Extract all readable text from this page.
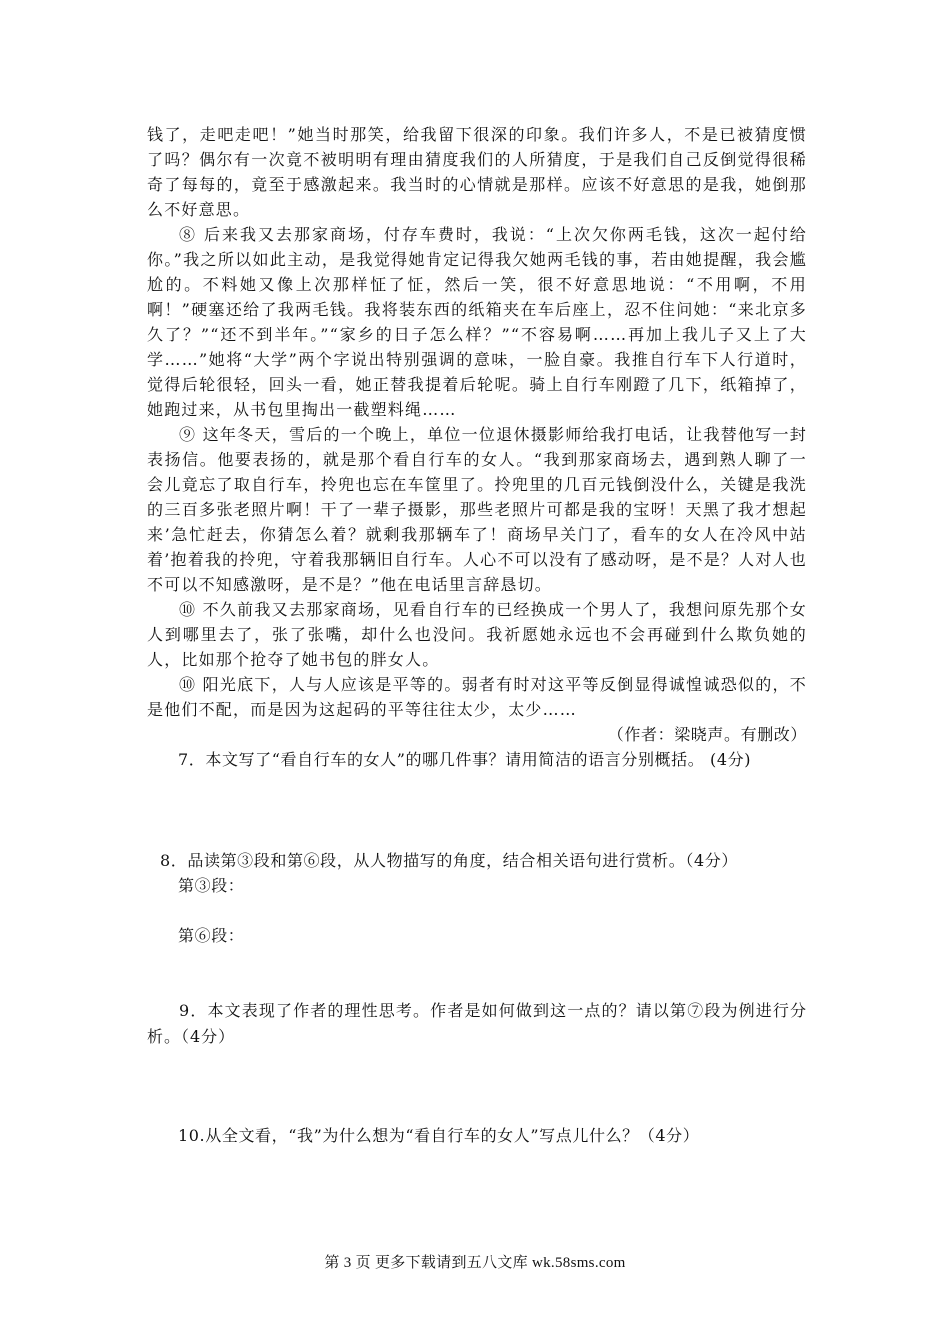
钱了，走吧走吧！”她当时那笑，给我留下很深的印象。我们许多人，不是已被猜度惯了吗？偶尔有一次竟不被明明有理由猜度我们的人所猜度，于是我们自己反倒觉得很稀奇了每每的，竟至于感激起来。我当时的心情就是那样。应该不好意思的是我，她倒那么不好意思。

⑧ 后来我又去那家商场，付存车费时，我说：“上次欠你两毛钱，这次一起付给你。”我之所以如此主动，是我觉得她肯定记得我欠她两毛钱的事，若由她提醒，我会尴尬的。不料她又像上次那样怔了怔，然后一笑，很不好意思地说：“不用啊，不用啊！”硬塞还给了我两毛钱。我将装东西的纸箱夹在车后座上，忍不住问她：“来北京多久了？”“还不到半年。”“家乡的日子怎么样？”“不容易啊……再加上我儿子又上了大学……”她将“大学”两个字说出特别强调的意味，一脸自豪。我推自行车下人行道时，觉得后轮很轻，回头一看，她正替我提着后轮呢。骑上自行车刚蹬了几下，纸箱掉了，她跑过来，从书包里掏出一截塑料绳……

⑨ 这年冬天，雪后的一个晚上，单位一位退休摄影师给我打电话，让我替他写一封表扬信。他要表扬的，就是那个看自行车的女人。“我到那家商场去，遇到熟人聊了一会儿竟忘了取自行车，拎兜也忘在车筐里了。拎兜里的几百元钱倒没什么，关键是我洗的三百多张老照片啊！干了一辈子摄影，那些老照片可都是我的宝呀！天黑了我才想起来’急忙赶去，你猜怎么着？就剩我那辆车了！商场早关门了，看车的女人在冷风中站着’抱着我的拎兜，守着我那辆旧自行车。人心不可以没有了感动呀，是不是？人对人也不可以不知感激呀，是不是？”他在电话里言辞恳切。

⑩ 不久前我又去那家商场，见看自行车的已经换成一个男人了，我想问原先那个女人到哪里去了，张了张嘴，却什么也没问。我祈愿她永远也不会再碰到什么欺负她的人，比如那个抢夺了她书包的胖女人。

⑩ 阳光底下，人与人应该是平等的。弱者有时对这平等反倒显得诚惶诚恐似的，不是他们不配，而是因为这起码的平等往往太少，太少……

（作者：梁晓声。有删改）

7．本文写了“看自行车的女人”的哪几件事？请用简洁的语言分别概括。 (4分)

8．品读第③段和第⑥段，从人物描写的角度，结合相关语句进行赏析。（4分）

第③段：

第⑥段：

9．本文表现了作者的理性思考。作者是如何做到这一点的？请以第⑦段为例进行分析。（4分）

10.从全文看，“我”为什么想为“看自行车的女人”写点儿什么？（4分）

第 3 页 更多下载请到五八文库 wk.58sms.com
